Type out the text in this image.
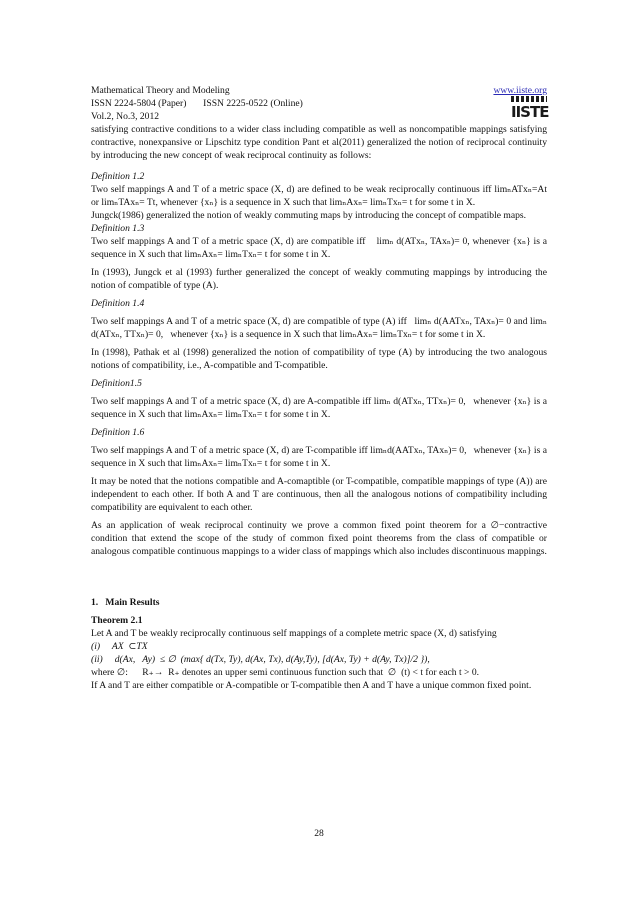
Mathematical Theory and Modeling	www.iiste.org
ISSN 2224-5804 (Paper)       ISSN 2225-0522 (Online)
Vol.2, No.3, 2012

satisfying contractive conditions to a wider class including compatible as well as noncompatible mappings satisfying contractive, nonexpansive or Lipschitz type condition Pant et al(2011) generalized the notion of reciprocal continuity by introducing the new concept of weak reciprocal continuity as follows:

Definition 1.2

Two self mappings A and T of a metric space (X, d) are defined to be weak reciprocally continuous iff limₙATxₙ=At or limₙTAxₙ= Tt, whenever {xₙ} is a sequence in X such that limₙAxₙ= limₙTxₙ= t for some t in X.

Jungck(1986) generalized the notion of weakly commuting maps by introducing the concept of compatible maps.

Definition 1.3

Two self mappings A and T of a metric space (X, d) are compatible iff    limₙ d(ATxₙ, TAxₙ)= 0, whenever {xₙ} is a sequence in X such that limₙAxₙ= limₙTxₙ= t for some t in X.

In (1993), Jungck et al (1993) further generalized the concept of weakly commuting mappings by introducing the notion of compatible of type (A).

Definition 1.4

Two self mappings A and T of a metric space (X, d) are compatible of type (A) iff   limₙ d(AATxₙ, TAxₙ)= 0 and limₙ d(ATxₙ, TTxₙ)= 0,   whenever {xₙ} is a sequence in X such that limₙAxₙ= limₙTxₙ= t for some t in X.

In (1998), Pathak et al (1998) generalized the notion of compatibility of type (A) by introducing the two analogous notions of compatibility, i.e., A-compatible and T-compatible.

Definition1.5

Two self mappings A and T of a metric space (X, d) are A-compatible iff limₙ d(ATxₙ, TTxₙ)= 0,   whenever {xₙ} is a sequence in X such that limₙAxₙ= limₙTxₙ= t for some t in X.

Definition 1.6

Two self mappings A and T of a metric space (X, d) are T-compatible iff limₙd(AATxₙ, TAxₙ)= 0,   whenever {xₙ} is a sequence in X such that limₙAxₙ= limₙTxₙ= t for some t in X.

It may be noted that the notions compatible and A-comaptible (or T-compatible, compatible mappings of type (A)) are independent to each other. If both A and T are continuous, then all the analogous notions of compatibility including compatibility are equivalent to each other.

As an application of weak reciprocal continuity we prove a common fixed point theorem for a ∅−contractive condition that extend the scope of the study of common fixed point theorems from the class of compatible or analogous compatible continuous mappings to a wider class of mappings which also includes discontinuous mappings.

1.   Main Results

Theorem 2.1

Let A and T be weakly reciprocally continuous self mappings of a complete metric space (X, d) satisfying

(i)     AX  ⊂TX

(ii)     d(Ax,   Ay)  ≤ ∅  (max{ d(Tx, Ty), d(Ax, Tx), d(Ay,Ty), [d(Ax, Ty) + d(Ay, Tx)]/2 }),

where ∅:      R₊→  R₊ denotes an upper semi continuous function such that  ∅  (t) < t for each t > 0.

If A and T are either compatible or A-compatible or T-compatible then A and T have a unique common fixed point.

IISTE
28
